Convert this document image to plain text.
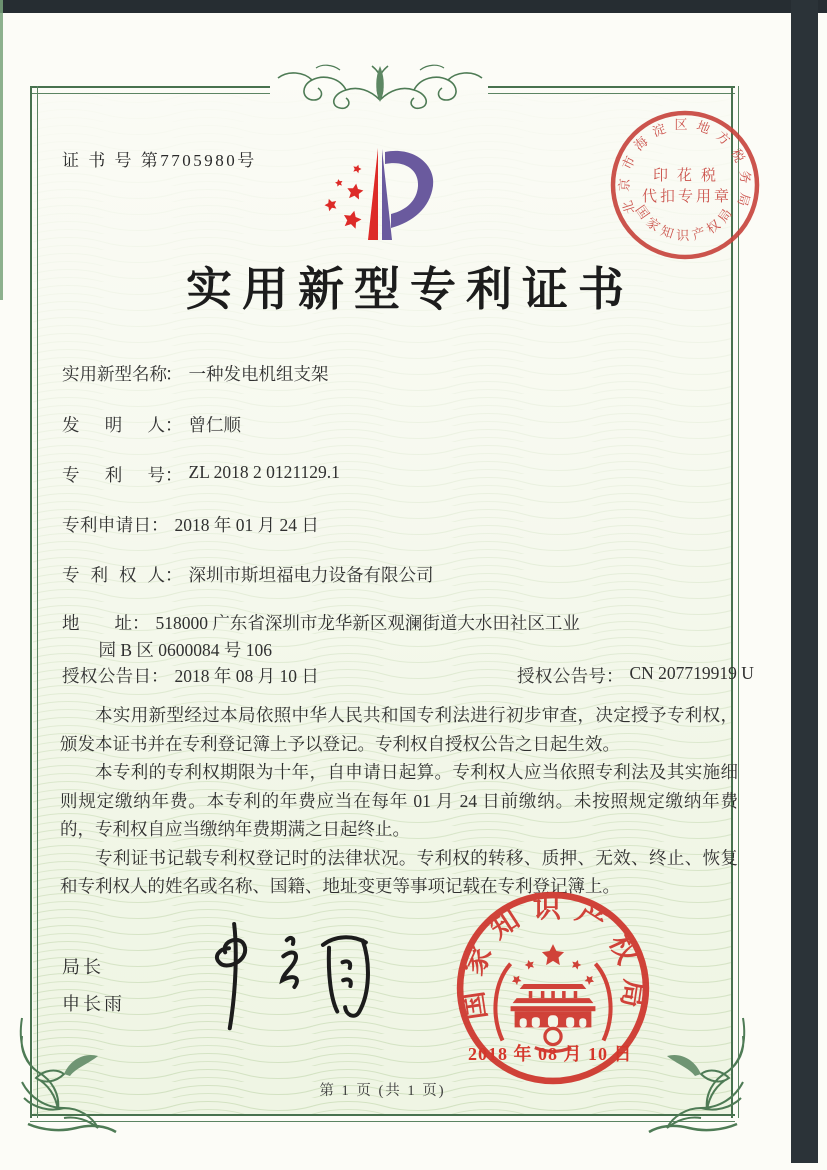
证 书 号 第7705980号
实用新型专利证书
实用新型名称： 一种发电机组支架
发明人： 曾仁顺
专利号： ZL 2018 2 0121129.1
专利申请日： 2018 年 01 月 24 日
专利权人： 深圳市斯坦福电力设备有限公司
地址： 518000 广东省深圳市龙华新区观澜街道大水田社区工业
园 B 区 0600084 号 106
授权公告日： 2018 年 08 月 10 日	授权公告号： CN 207719919 U

本实用新型经过本局依照中华人民共和国专利法进行初步审查，决定授予专利权，颁发本证书并在专利登记簿上予以登记。专利权自授权公告之日起生效。

本专利的专利权期限为十年，自申请日起算。专利权人应当依照专利法及其实施细则规定缴纳年费。本专利的年费应当在每年 01 月 24 日前缴纳。未按照规定缴纳年费的，专利权自应当缴纳年费期满之日起终止。

专利证书记载专利权登记时的法律状况。专利权的转移、质押、无效、终止、恢复和专利权人的姓名或名称、国籍、地址变更等事项记载在专利登记簿上。

局长
申长雨	国家知识产权局
2018 年 08 月 10 日
北京市海淀区地方税务局
印花税
代扣专用章
国家知识产权局
第 1 页 (共 1 页)
